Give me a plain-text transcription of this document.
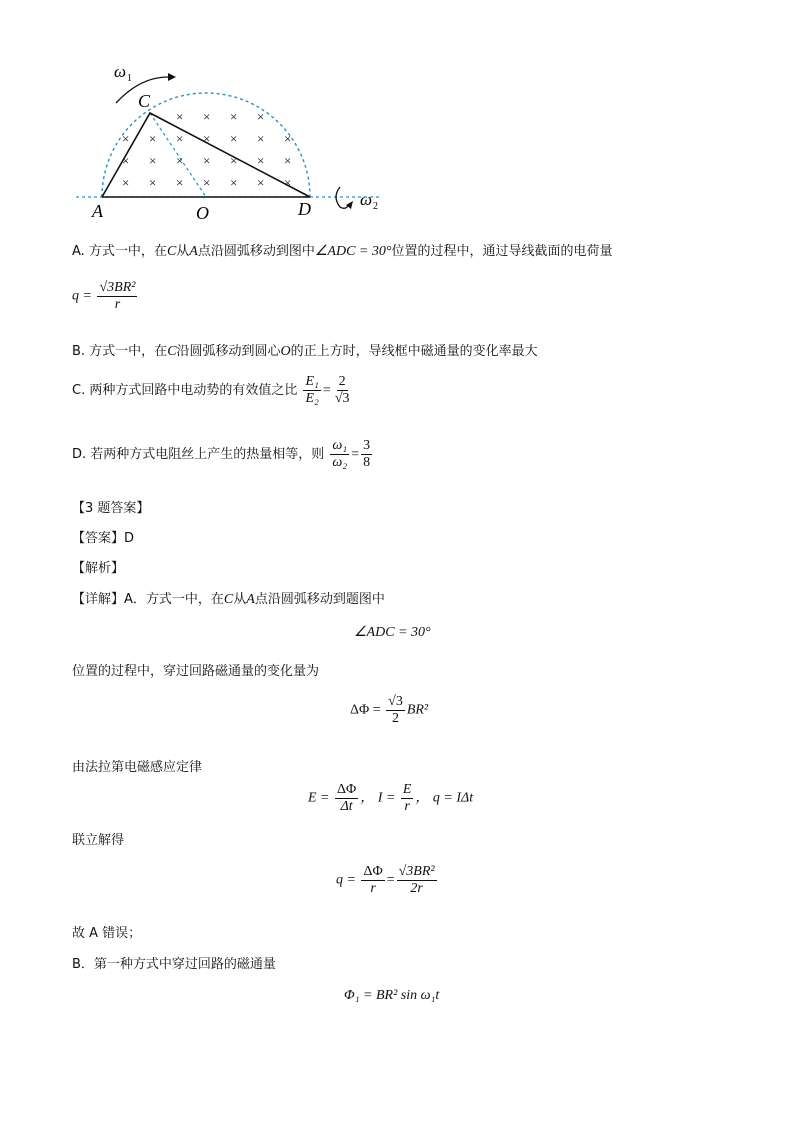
× × × ×
× × × × × × ×
× × × × × × ×
× × × × × × ×
ω 1
ω 2
C
A	O	D
A. 方式一中，在C从A点沿圆弧移动到图中∠ADC = 30°位置的过程中，通过导线截面的电荷量
$q = \frac{\text{√3BR²}}{r}$
B. 方式一中，在C沿圆弧移动到圆心O的正上方时，导线框中磁通量的变化率最大
C. 两种方式回路中电动势的有效值之比 $\frac{\text{E₁}}{\text{E₂}} = \frac{2}{√3}$
D. 若两种方式电阻丝上产生的热量相等，则 $\frac{\text{ω₁}}{\text{ω₂}} = \frac{3}{8}$
【3 题答案】
【答案】D
【解析】
【详解】A．方式一中，在C从A点沿圆弧移动到题图中
∠ADC = 30°
位置的过程中，穿过回路磁通量的变化量为
$\Delta\Phi = \frac{√3}{2} BR^2$
由法拉第电磁感应定律
$E = \frac{\Delta\Phi}{\Delta t}$ ， $I = \frac{E}{r}$ ， q = IΔt
联立解得
$q = \frac{\Delta\Phi}{r} = \frac{\text{√3BR²}}{2r}$
故 A 错误；
B．第一种方式中穿过回路的磁通量
Φ₁ = BR² sin ω₁t
